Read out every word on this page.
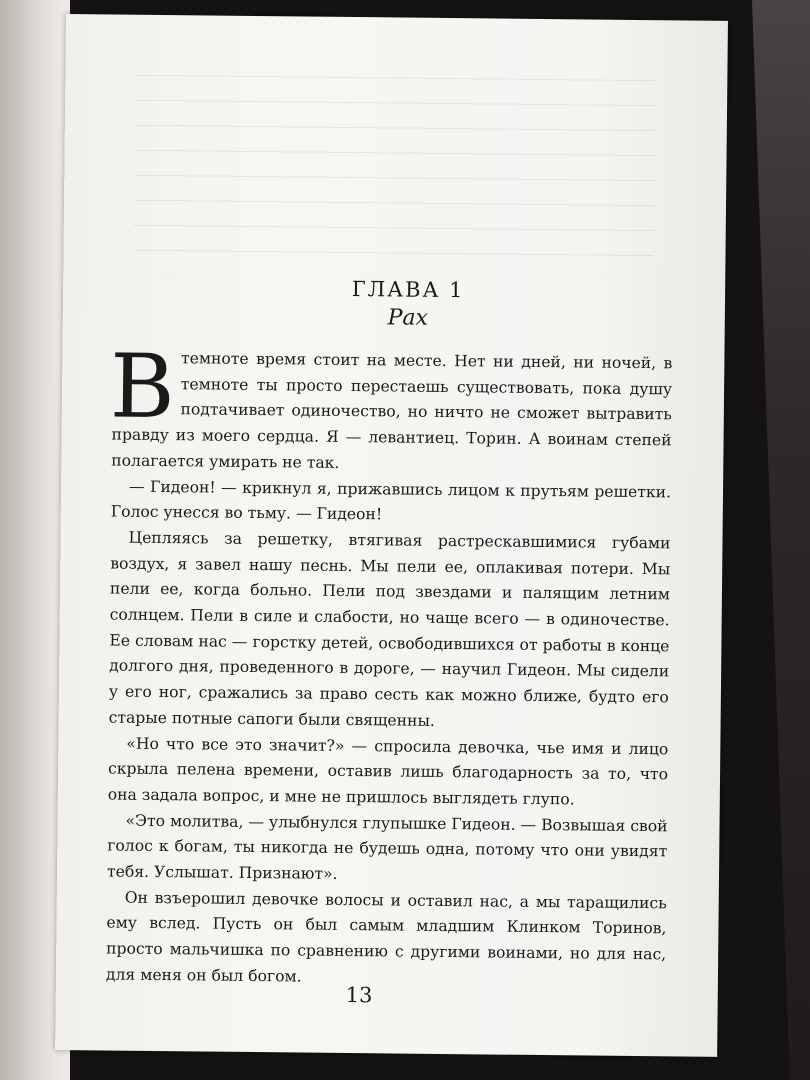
ГЛАВА 1
Рах

Втемноте время стоит на месте. Нет ни дней, ни ночей, в темноте ты просто перестаешь существовать, пока душу подтачивает одиночество, но ничто не сможет вытравить правду из моего сердца. Я — левантиец. Торин. А воинам степей полагается умирать не так.

— Гидеон! — крикнул я, прижавшись лицом к прутьям решетки. Голос унесся во тьму. — Гидеон!

Цепляясь за решетку, втягивая растрескавшимися губами воздух, я завел нашу песнь. Мы пели ее, оплакивая потери. Мы пели ее, когда больно. Пели под звездами и палящим летним солнцем. Пели в силе и слабости, но чаще всего — в одиночестве. Ее словам нас — горстку детей, освободившихся от работы в конце долгого дня, проведенного в дороге, — научил Гидеон. Мы сидели у его ног, сражались за право сесть как можно ближе, будто его старые потные сапоги были священны.

«Но что все это значит?» — спросила девочка, чье имя и лицо скрыла пелена времени, оставив лишь благодарность за то, что она задала вопрос, и мне не пришлось выглядеть глупо.

«Это молитва, — улыбнулся глупышке Гидеон. — Возвышая свой голос к богам, ты никогда не будешь одна, потому что они увидят тебя. Услышат. Признают».

Он взъерошил девочке волосы и оставил нас, а мы таращились ему вслед. Пусть он был самым младшим Клинком Торинов, просто мальчишка по сравнению с другими воинами, но для нас, для меня он был богом.

13
